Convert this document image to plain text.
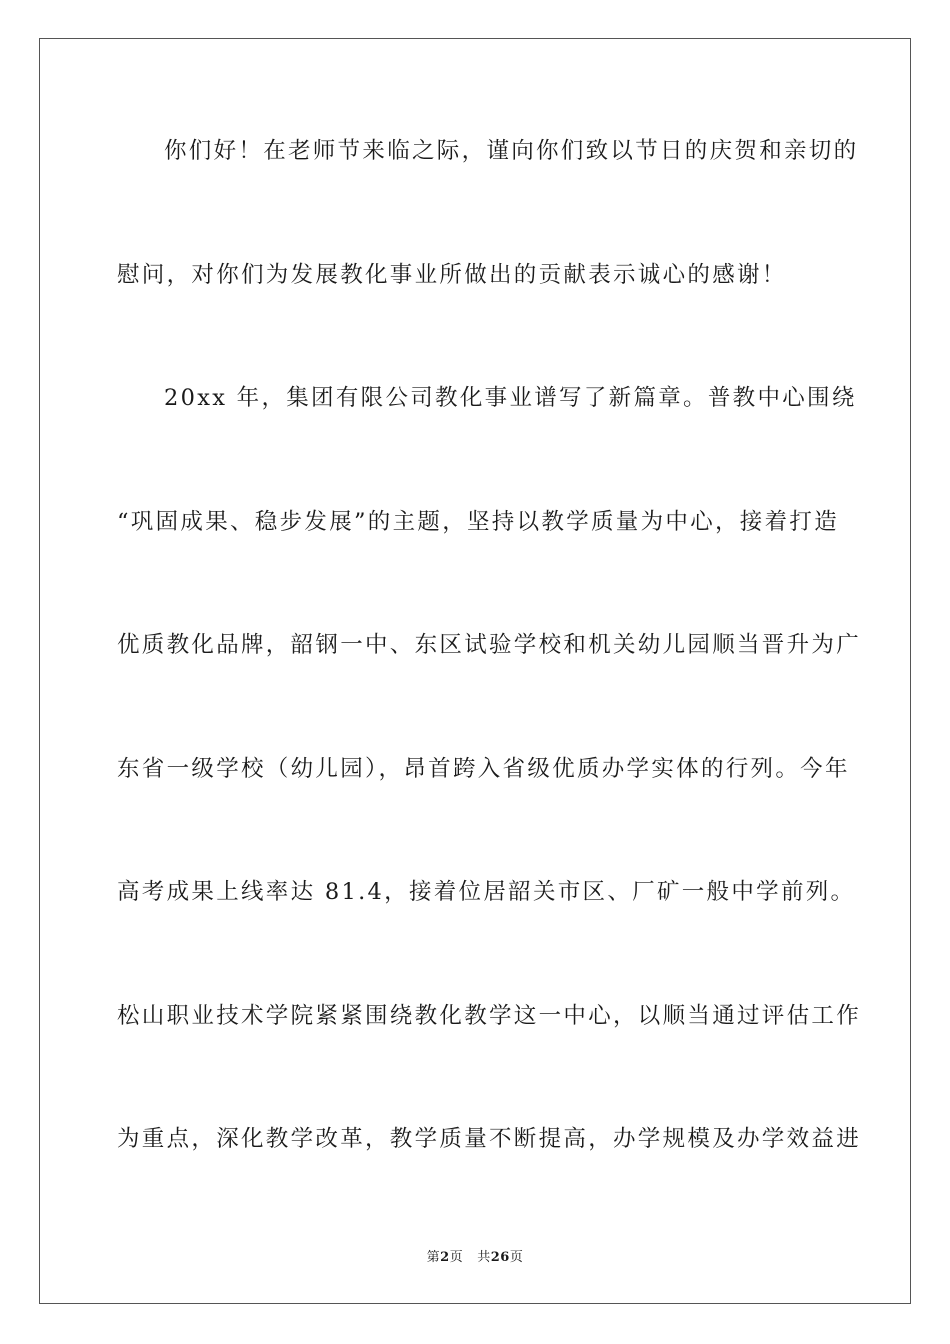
你们好！在老师节来临之际，谨向你们致以节日的庆贺和亲切的

慰问，对你们为发展教化事业所做出的贡献表示诚心的感谢！

20xx 年，集团有限公司教化事业谱写了新篇章。普教中心围绕

“巩固成果、稳步发展”的主题，坚持以教学质量为中心，接着打造

优质教化品牌，韶钢一中、东区试验学校和机关幼儿园顺当晋升为广

东省一级学校（幼儿园），昂首跨入省级优质办学实体的行列。今年

高考成果上线率达 81.4，接着位居韶关市区、厂矿一般中学前列。

松山职业技术学院紧紧围绕教化教学这一中心，以顺当通过评估工作

为重点，深化教学改革，教学质量不断提高，办学规模及办学效益进

第2页 共26页
